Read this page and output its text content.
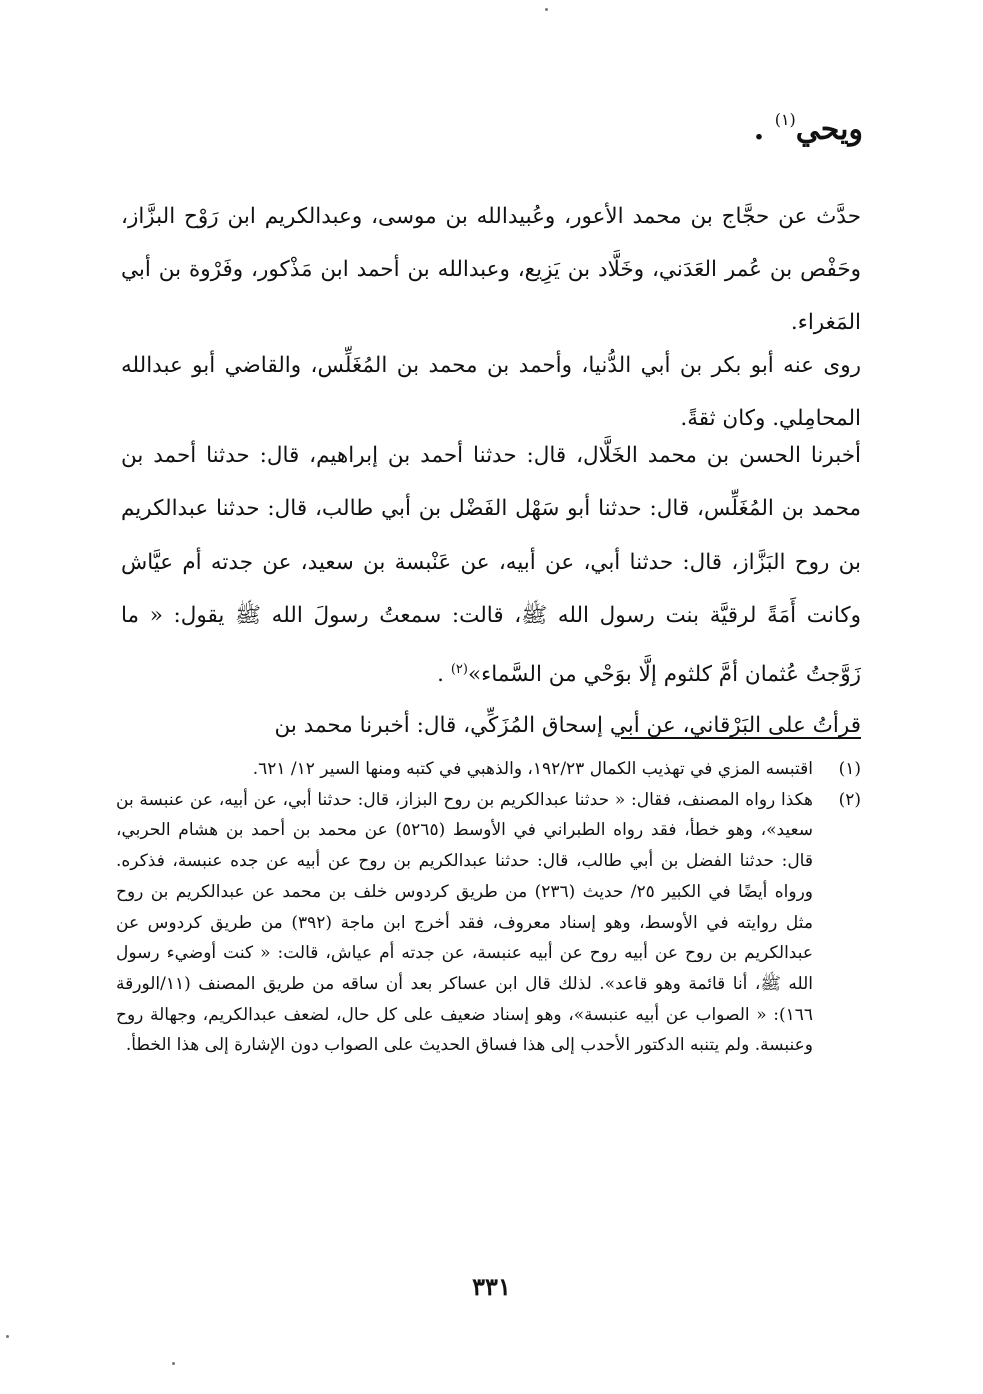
ويحي$^{(١)}$ .

حدَّث عن حجَّاج بن محمد الأعور، وعُبيدالله بن موسى، وعبدالكريم ابن رَوْح البزَّاز، وحَفْص بن عُمر العَدَني، وخَلَّاد بن يَزِيع، وعبدالله بن أحمد ابن مَذْكور، وفَرْوة بن أبي المَغراء.

روى عنه أبو بكر بن أبي الدُّنيا، وأحمد بن محمد بن المُغَلِّس، والقاضي أبو عبدالله المحامِلي. وكان ثقةً.

أخبرنا الحسن بن محمد الخَلَّال، قال: حدثنا أحمد بن إبراهيم، قال: حدثنا أحمد بن محمد بن المُغَلِّس، قال: حدثنا أبو سَهْل الفَضْل بن أبي طالب، قال: حدثنا عبدالكريم بن روح البَزَّاز، قال: حدثنا أبي، عن أبيه، عن عَنْبسة بن سعيد، عن جدته أم عيَّاش وكانت أَمَةً لرقيَّة بنت رسول الله ﷺ، قالت: سمعتُ رسولَ الله ﷺ يقول: « ما زَوَّجتُ عُثمان أمَّ كلثوم إلَّا بوَحْي من السَّماء»$^{(٢)}$ .

قرأتُ على البَرْقاني، عن أبي إسحاق المُزَكِّي، قال: أخبرنا محمد بن

(١)
اقتبسه المزي في تهذيب الكمال ١٩٢/٢٣، والذهبي في كتبه ومنها السير ١٢/ ٦٢١.
(٢)
هكذا رواه المصنف، فقال: « حدثنا عبدالكريم بن روح البزاز، قال: حدثنا أبي، عن أبيه، عن عنبسة بن سعيد»، وهو خطأ، فقد رواه الطبراني في الأوسط (٥٢٦٥) عن محمد بن أحمد بن هشام الحربي، قال: حدثنا الفضل بن أبي طالب، قال: حدثنا عبدالكريم بن روح عن أبيه عن جده عنبسة، فذكره. ورواه أيضًا في الكبير ٢٥/ حديث (٢٣٦) من طريق كردوس خلف بن محمد عن عبدالكريم بن روح مثل روايته في الأوسط، وهو إسناد معروف، فقد أخرج ابن ماجة (٣٩٢) من طريق كردوس عن عبدالكريم بن روح عن أبيه روح عن أبيه عنبسة، عن جدته أم عياش، قالت: « كنت أوضيء رسول الله ﷺ، أنا قائمة وهو قاعد». لذلك قال ابن عساكر بعد أن ساقه من طريق المصنف (١١/الورقة ١٦٦): « الصواب عن أبيه عنبسة»، وهو إسناد ضعيف على كل حال، لضعف عبدالكريم، وجهالة روح وعنبسة. ولم يتنبه الدكتور الأحدب إلى هذا فساق الحديث على الصواب دون الإشارة إلى هذا الخطأ.
٣٣١
